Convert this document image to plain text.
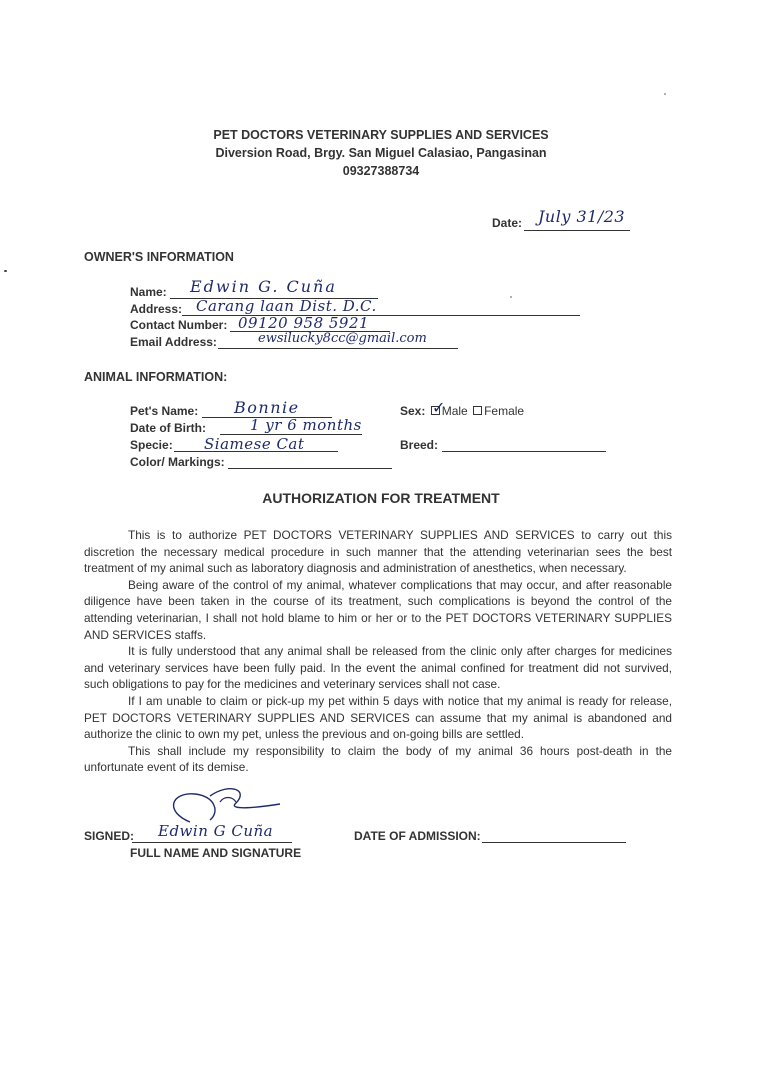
PET DOCTORS VETERINARY SUPPLIES AND SERVICES
Diversion Road, Brgy. San Miguel Calasiao, Pangasinan
09327388734
Date: July 31/23
OWNER'S INFORMATION
Name: Edwin G. Cuña
Address: Carang laan Dist. D.C.
Contact Number: 09120 958 5921
Email Address:	ewsilucky8cc@gmail.com
ANIMAL INFORMATION:
Pet's Name: Bonnie
Date of Birth:	1 yr 6 months
Specie: Siamese Cat
Color/ Markings:
Sex: Male Female
✓
Breed:
AUTHORIZATION FOR TREATMENT

This is to authorize PET DOCTORS VETERINARY SUPPLIES AND SERVICES to carry out this discretion the necessary medical procedure in such manner that the attending veterinarian sees the best treatment of my animal such as laboratory diagnosis and administration of anesthetics, when necessary.

Being aware of the control of my animal, whatever complications that may occur, and after reasonable diligence have been taken in the course of its treatment, such complications is beyond the control of the attending veterinarian, I shall not hold blame to him or her or to the PET DOCTORS VETERINARY SUPPLIES AND SERVICES staffs.

It is fully understood that any animal shall be released from the clinic only after charges for medicines and veterinary services have been fully paid. In the event the animal confined for treatment did not survived, such obligations to pay for the medicines and veterinary services shall not case.

If I am unable to claim or pick-up my pet within 5 days with notice that my animal is ready for release, PET DOCTORS VETERINARY SUPPLIES AND SERVICES can assume that my animal is abandoned and authorize the clinic to own my pet, unless the previous and on-going bills are settled.

This shall include my responsibility to claim the body of my animal 36 hours post-death in the unfortunate event of its demise.

SIGNED: Edwin G Cuña
FULL NAME AND SIGNATURE
DATE OF ADMISSION:
